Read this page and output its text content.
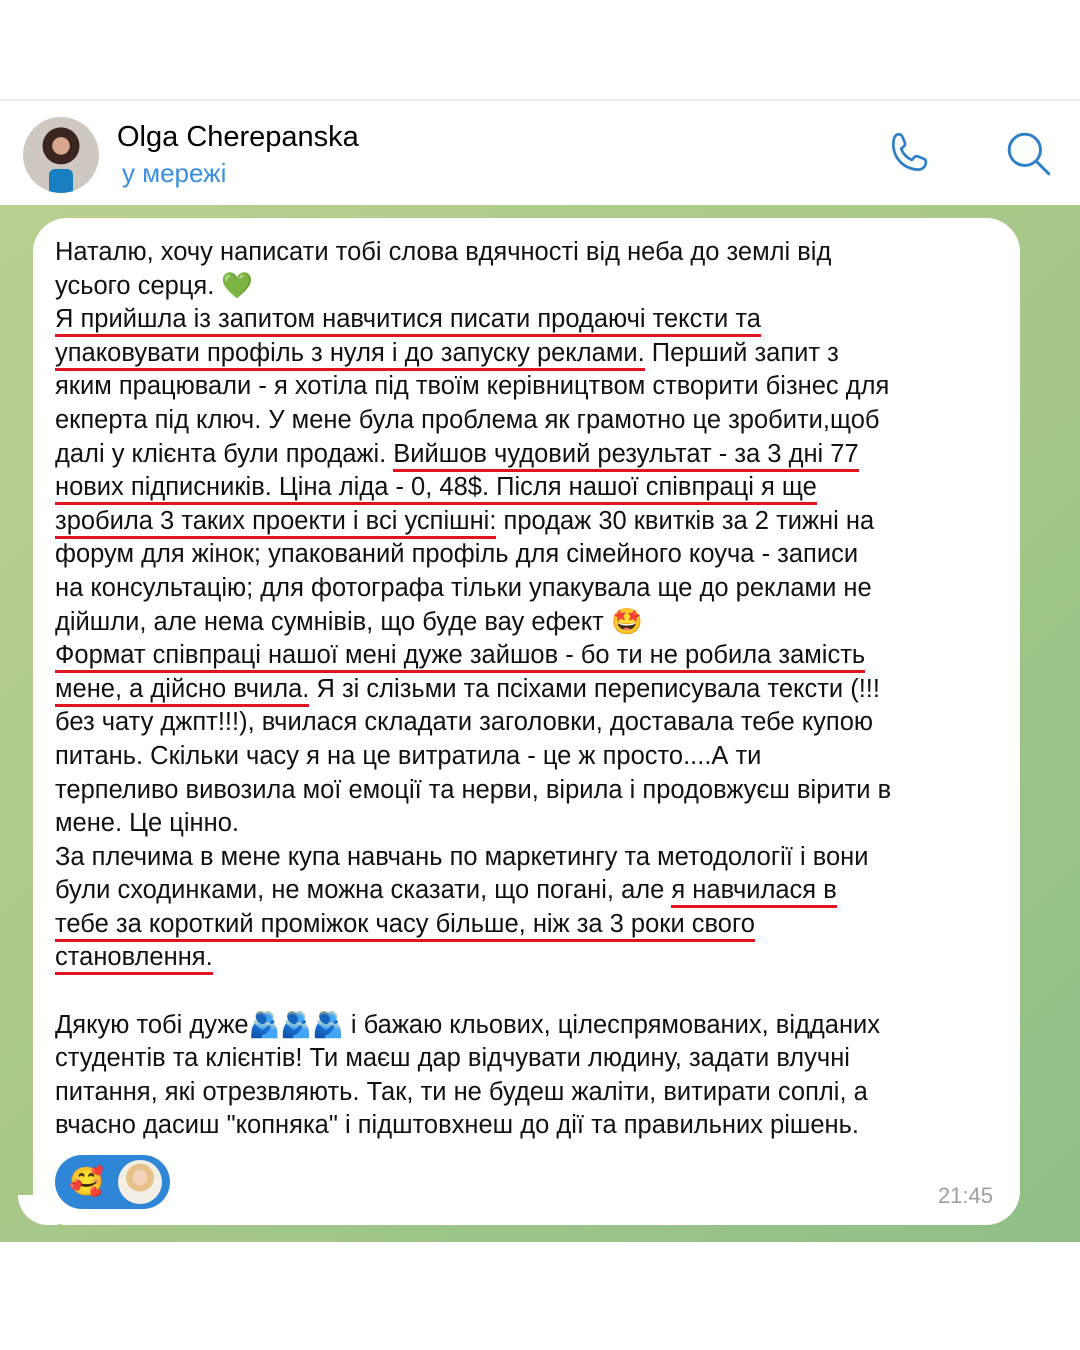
Olga Cherepanska
у мережі
Наталю, хочу написати тобі слова вдячності від неба до землі від
усього серця. 💚
Я прийшла із запитом навчитися писати продаючі тексти та
упаковувати профіль з нуля і до запуску реклами. Перший запит з
яким працювали - я хотіла під твоїм керівництвом створити бізнес для
екперта під ключ. У мене була проблема як грамотно це зробити,щоб
далі у клієнта були продажі. Вийшов чудовий результат - за 3 дні 77
нових підписників. Ціна ліда - 0, 48$. Після нашої співпраці я ще
зробила 3 таких проекти і всі успішні: продаж 30 квитків за 2 тижні на
форум для жінок; упакований профіль для сімейного коуча - записи
на консультацію; для фотографа тільки упакувала ще до реклами не
дійшли, але нема сумнівів, що буде вау ефект 🤩
Формат співпраці нашої мені дуже зайшов - бо ти не робила замість
мене, а дійсно вчила. Я зі слізьми та псіхами переписувала тексти (!!!
без чату джпт!!!), вчилася складати заголовки, доставала тебе купою
питань. Скільки часу я на це витратила - це ж просто....А ти
терпеливо вивозила мої емоції та нерви, вірила і продовжуєш вірити в
мене. Це цінно.
За плечима в мене купа навчань по маркетингу та методології і вони
були сходинками, не можна сказати, що погані, але я навчилася в
тебе за короткий проміжок часу більше, ніж за 3 роки свого
становлення.
Дякую тобі дуже🫂🫂🫂 і бажаю кльових, цілеспрямованих, відданих
студентів та клієнтів! Ти маєш дар відчувати людину, задати влучні
питання, які отрезвляють. Так, ти не будеш жаліти, витирати соплі, а
вчасно дасиш "копняка" і підштовхнеш до дії та правильних рішень.
🥰	21:45
